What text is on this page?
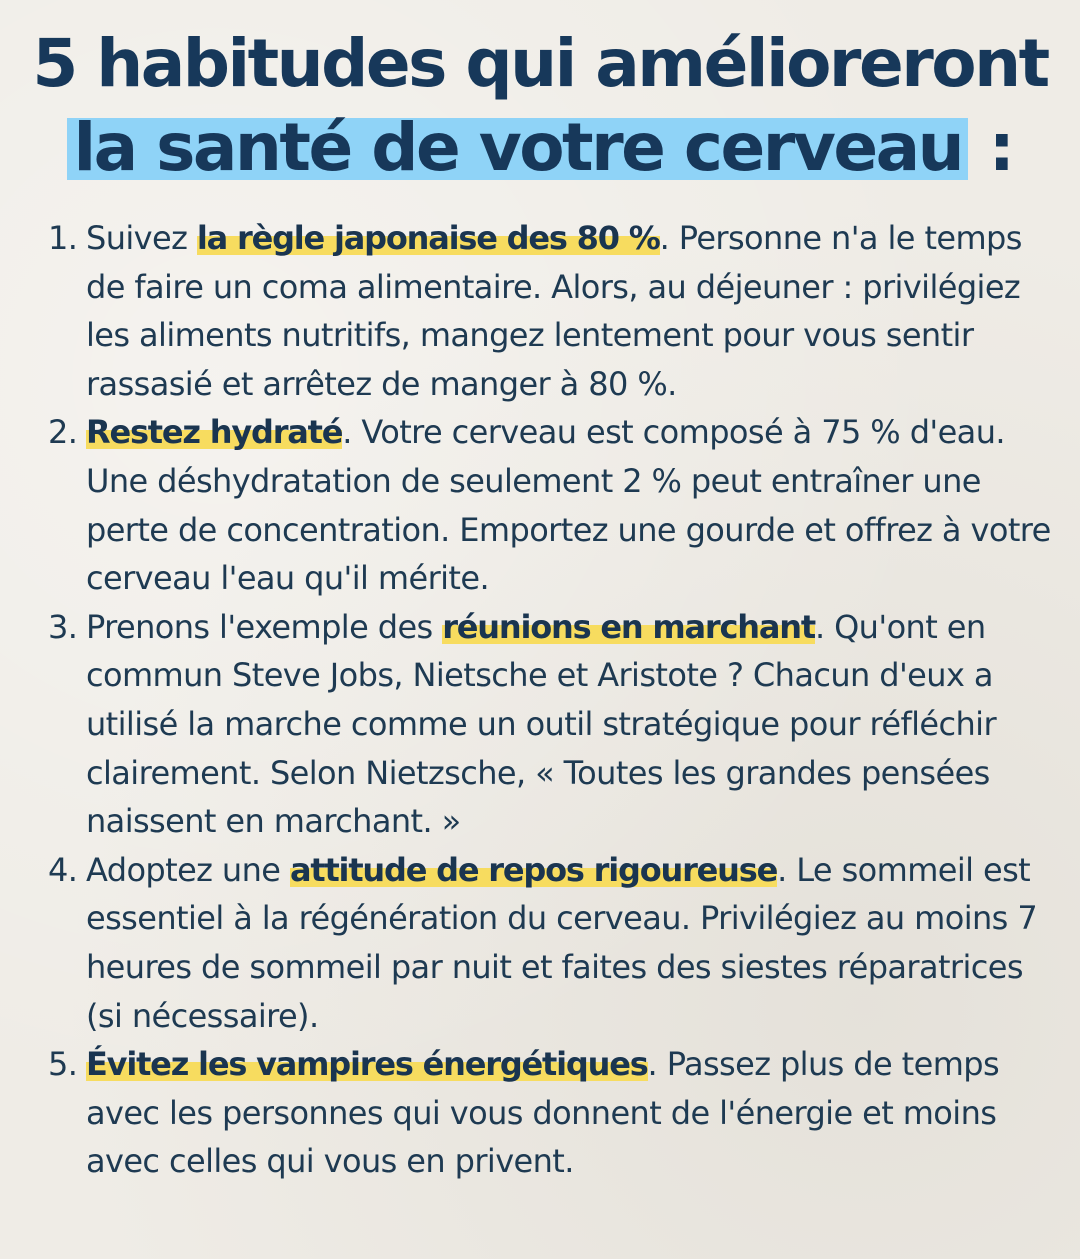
5 habitudes qui amélioreront
la santé de votre cerveau :
1. Suivez la règle japonaise des 80 %. Personne n'a le temps de faire un coma alimentaire. Alors, au déjeuner : privilégiez les aliments nutritifs, mangez lentement pour vous sentir rassasié et arrêtez de manger à 80 %.
2. Restez hydraté. Votre cerveau est composé à 75 % d'eau. Une déshydratation de seulement 2 % peut entraîner une perte de concentration. Emportez une gourde et offrez à votre cerveau l'eau qu'il mérite.
3. Prenons l'exemple des réunions en marchant. Qu'ont en commun Steve Jobs, Nietsche et Aristote ? Chacun d'eux a utilisé la marche comme un outil stratégique pour réfléchir clairement. Selon Nietzsche, « Toutes les grandes pensées naissent en marchant. »
4. Adoptez une attitude de repos rigoureuse. Le sommeil est essentiel à la régénération du cerveau. Privilégiez au moins 7 heures de sommeil par nuit et faites des siestes réparatrices (si nécessaire).
5. Évitez les vampires énergétiques. Passez plus de temps avec les personnes qui vous donnent de l'énergie et moins avec celles qui vous en privent.
